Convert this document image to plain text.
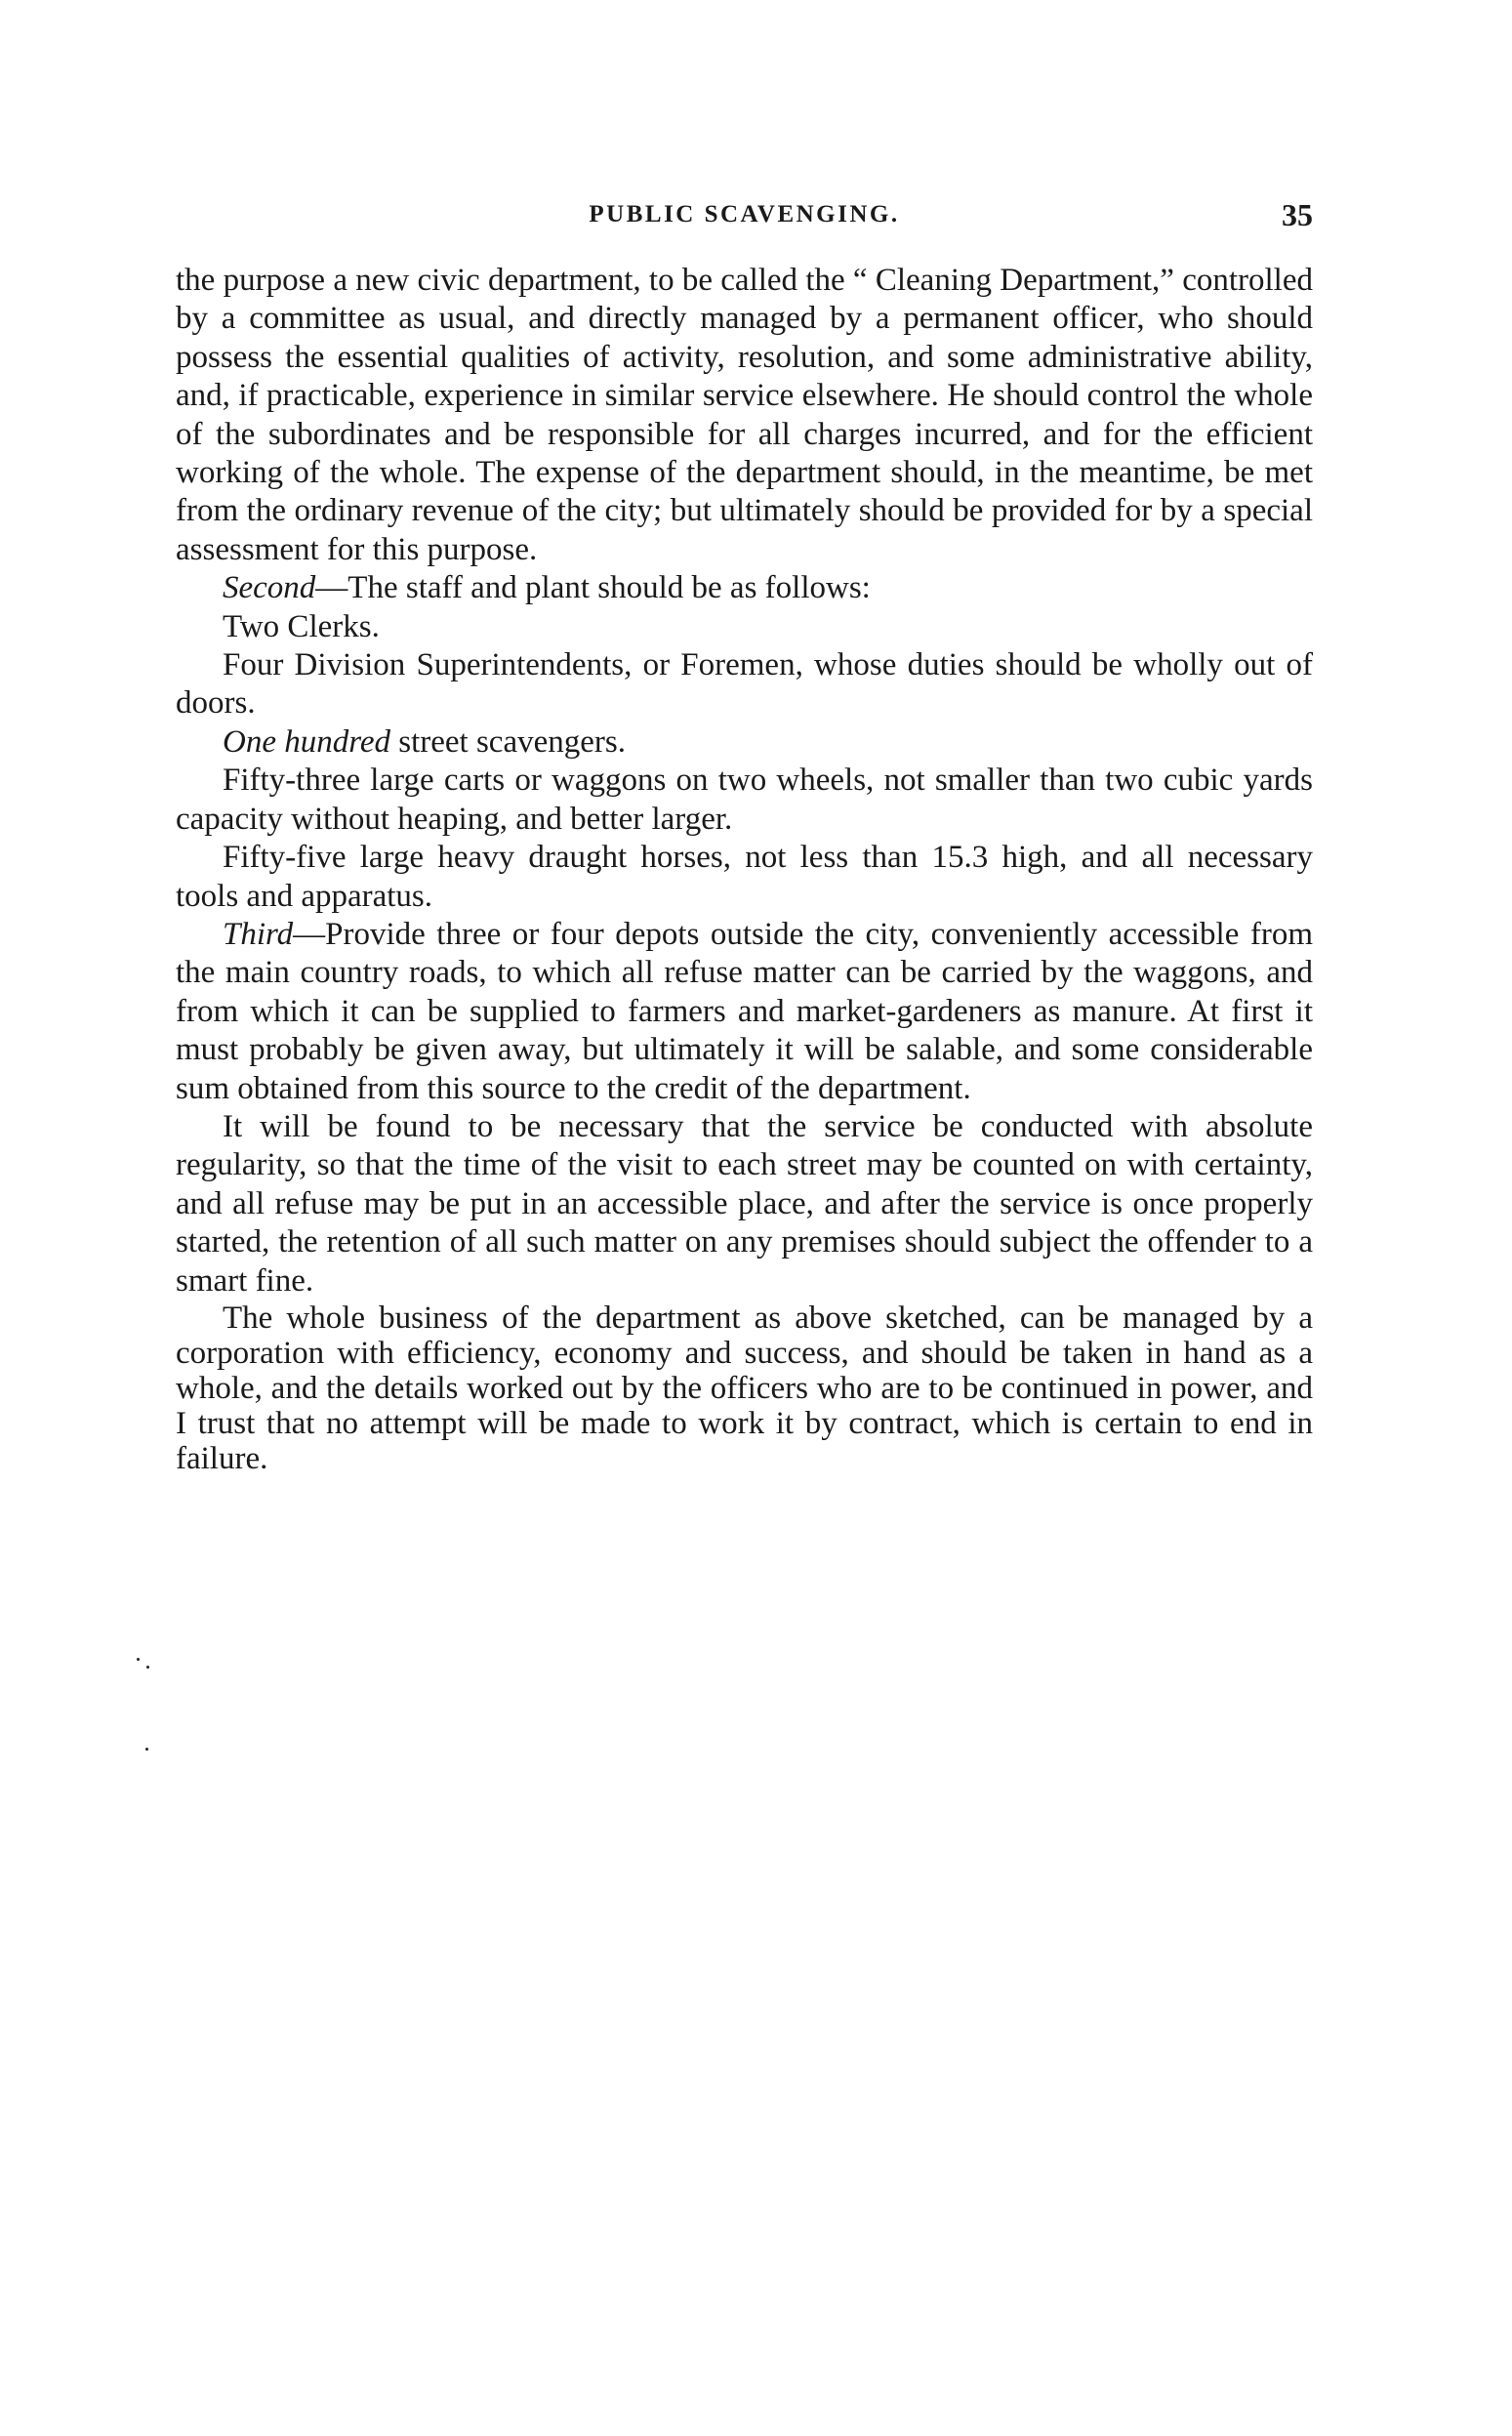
PUBLIC SCAVENGING.	35

the purpose a new civic department, to be called the “ Cleaning Department,” controlled by a committee as usual, and directly managed by a permanent officer, who should possess the essential qualities of activity, resolution, and some administrative ability, and, if practicable, experience in similar service elsewhere. He should control the whole of the subordinates and be responsible for all charges incurred, and for the efficient working of the whole. The expense of the department should, in the meantime, be met from the ordinary revenue of the city; but ultimately should be provided for by a special assessment for this purpose.

Second—The staff and plant should be as follows:

Two Clerks.

Four Division Superintendents, or Foremen, whose duties should be wholly out of doors.

One hundred street scavengers.

Fifty-three large carts or waggons on two wheels, not smaller than two cubic yards capacity without heaping, and better larger.

Fifty-five large heavy draught horses, not less than 15.3 high, and all necessary tools and apparatus.

Third—Provide three or four depots outside the city, conveniently accessible from the main country roads, to which all refuse matter can be carried by the waggons, and from which it can be supplied to farmers and market-gardeners as manure. At first it must probably be given away, but ultimately it will be salable, and some considerable sum obtained from this source to the credit of the department.

It will be found to be necessary that the service be conducted with absolute regularity, so that the time of the visit to each street may be counted on with certainty, and all refuse may be put in an accessible place, and after the service is once properly started, the retention of all such matter on any premises should subject the offender to a smart fine.

The whole business of the department as above sketched, can be managed by a corporation with efficiency, economy and success, and should be taken in hand as a whole, and the details worked out by the officers who are to be continued in power, and I trust that no attempt will be made to work it by contract, which is certain to end in failure.
